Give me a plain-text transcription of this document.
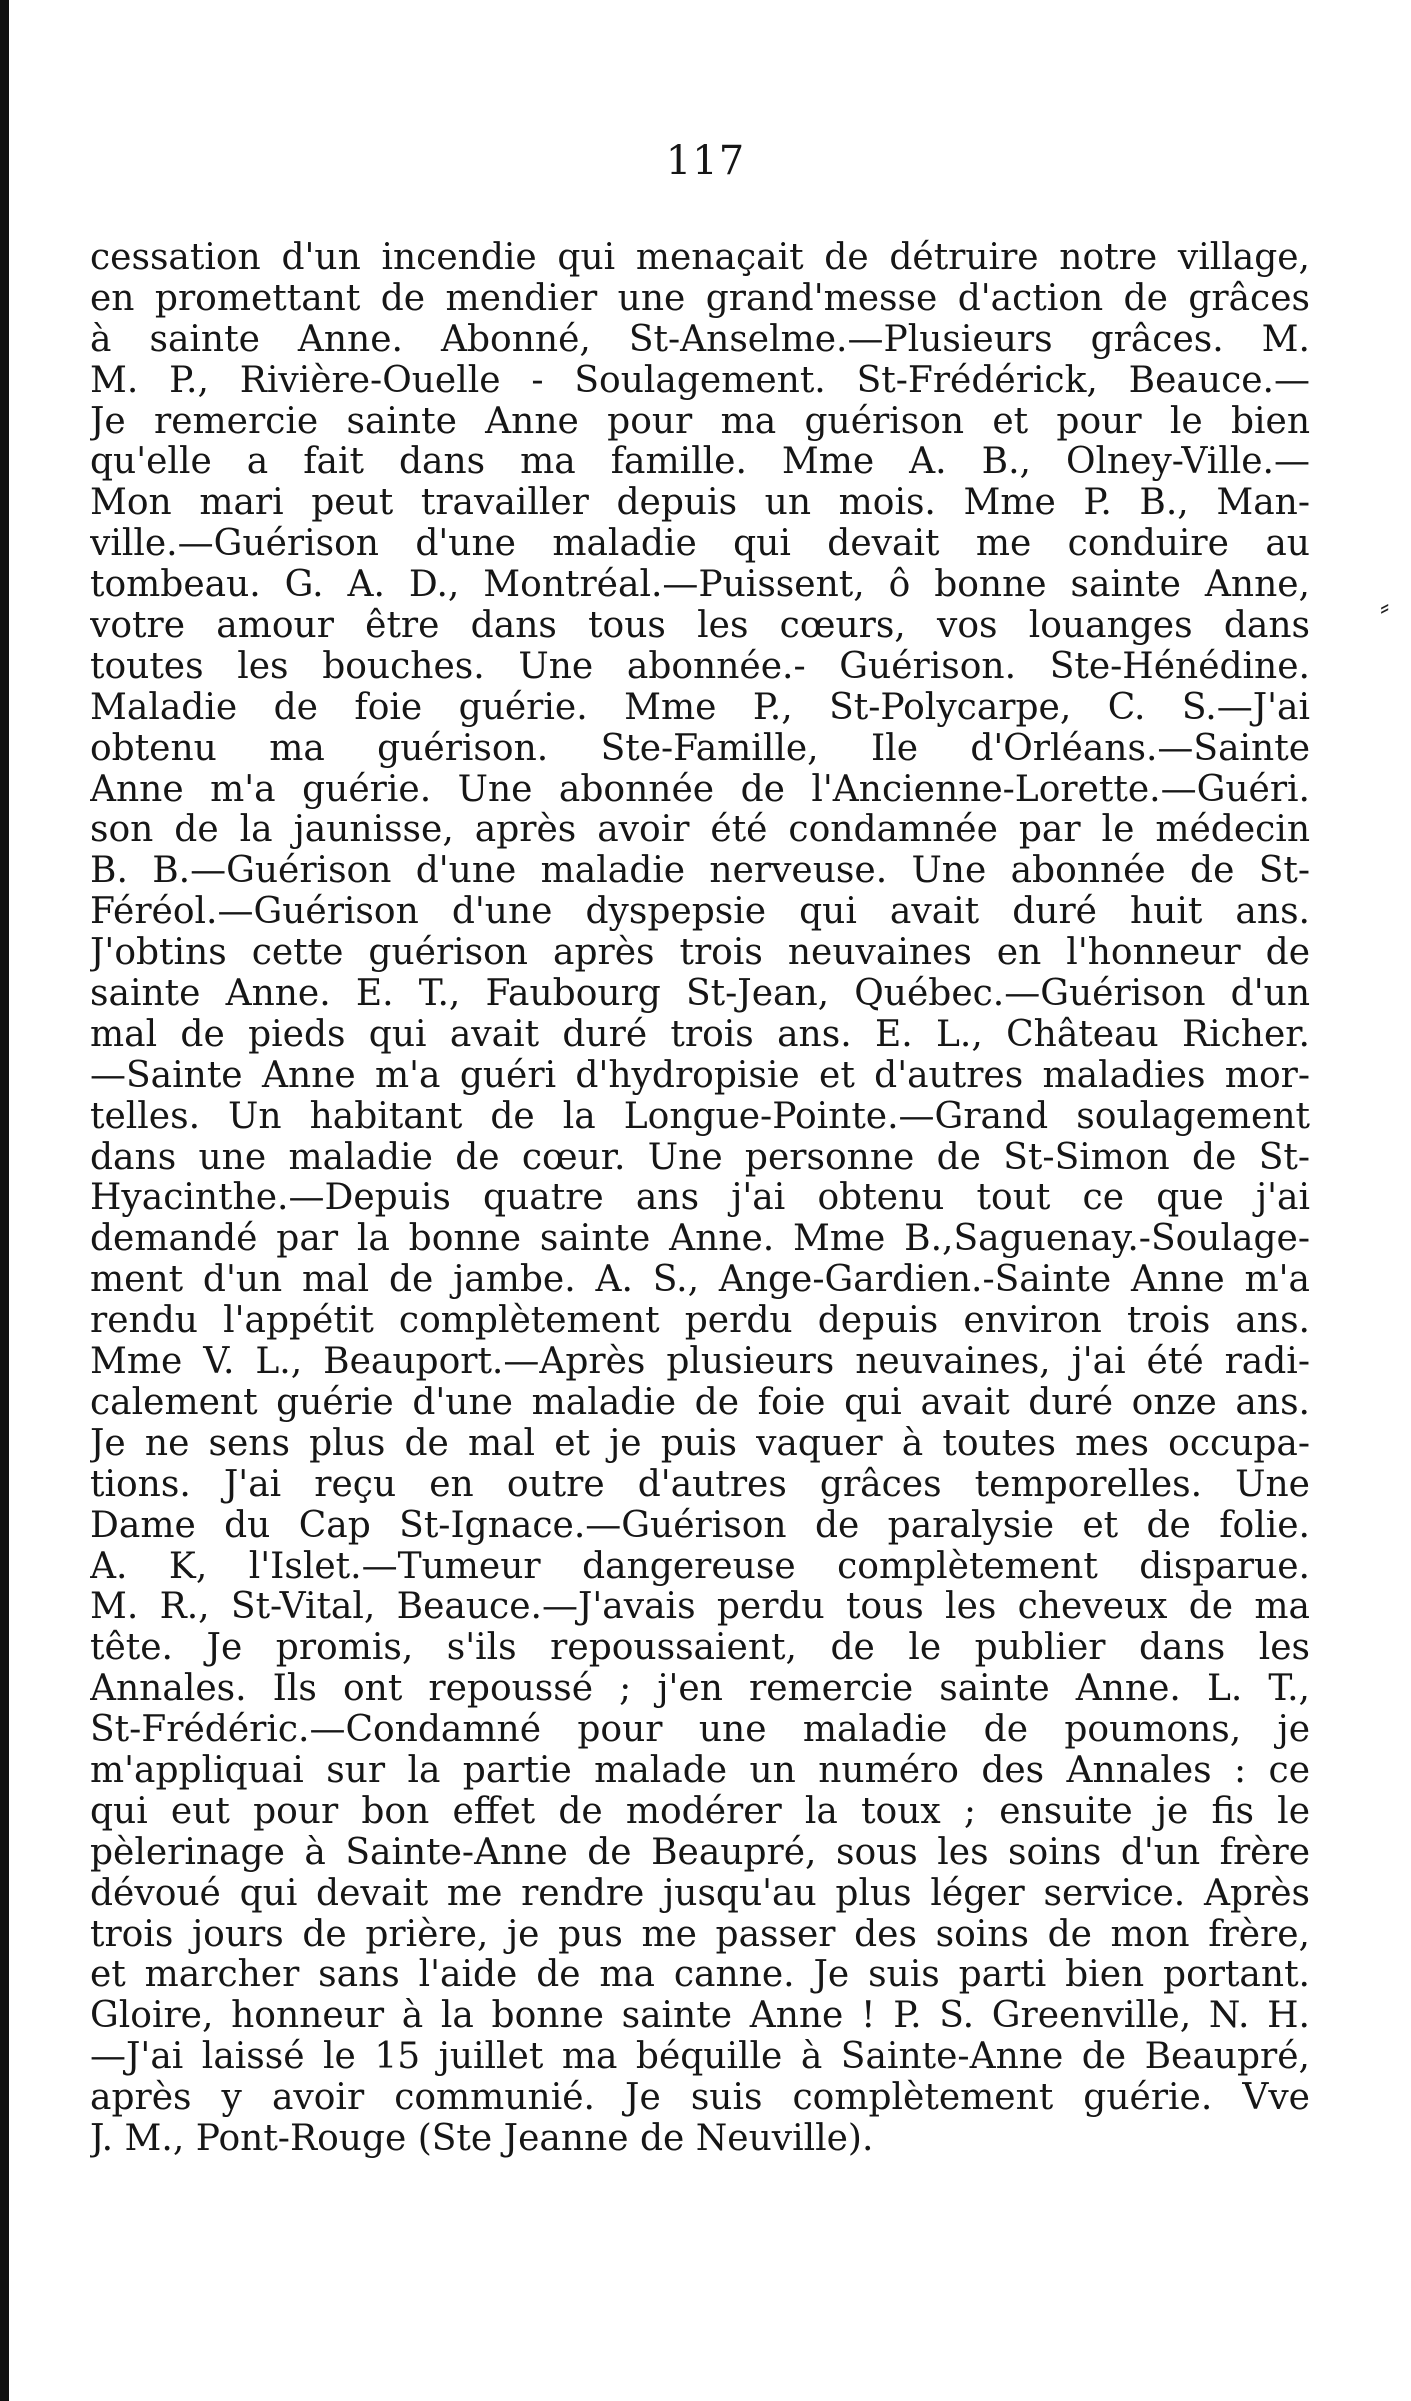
117
cessation d'un incendie qui menaçait de détruire notre village,
en promettant de mendier une grand'messe d'action de grâces
à sainte Anne. Abonné, St-Anselme.—Plusieurs grâces. M.
M. P., Rivière-Ouelle - Soulagement. St-Frédérick, Beauce.—
Je remercie sainte Anne pour ma guérison et pour le bien
qu'elle a fait dans ma famille. Mme A. B., Olney-Ville.—
Mon mari peut travailler depuis un mois. Mme P. B., Man-
ville.—Guérison d'une maladie qui devait me conduire au
tombeau. G. A. D., Montréal.—Puissent, ô bonne sainte Anne,
votre amour être dans tous les cœurs, vos louanges dans
toutes les bouches. Une abonnée.- Guérison. Ste-Hénédine.
Maladie de foie guérie. Mme P., St-Polycarpe, C. S.—J'ai
obtenu ma guérison. Ste-Famille, Ile d'Orléans.—Sainte
Anne m'a guérie. Une abonnée de l'Ancienne-Lorette.—Guéri.
son de la jaunisse, après avoir été condamnée par le médecin
B. B.—Guérison d'une maladie nerveuse. Une abonnée de St-
Féréol.—Guérison d'une dyspepsie qui avait duré huit ans.
J'obtins cette guérison après trois neuvaines en l'honneur de
sainte Anne. E. T., Faubourg St-Jean, Québec.—Guérison d'un
mal de pieds qui avait duré trois ans. E. L., Château Richer.
—Sainte Anne m'a guéri d'hydropisie et d'autres maladies mor-
telles. Un habitant de la Longue-Pointe.—Grand soulagement
dans une maladie de cœur. Une personne de St-Simon de St-
Hyacinthe.—Depuis quatre ans j'ai obtenu tout ce que j'ai
demandé par la bonne sainte Anne. Mme B.,Saguenay.-Soulage-
ment d'un mal de jambe. A. S., Ange-Gardien.-Sainte Anne m'a
rendu l'appétit complètement perdu depuis environ trois ans.
Mme V. L., Beauport.—Après plusieurs neuvaines, j'ai été radi-
calement guérie d'une maladie de foie qui avait duré onze ans.
Je ne sens plus de mal et je puis vaquer à toutes mes occupa-
tions. J'ai reçu en outre d'autres grâces temporelles. Une
Dame du Cap St-Ignace.—Guérison de paralysie et de folie.
A. K, l'Islet.—Tumeur dangereuse complètement disparue.
M. R., St-Vital, Beauce.—J'avais perdu tous les cheveux de ma
tête. Je promis, s'ils repoussaient, de le publier dans les
Annales. Ils ont repoussé ; j'en remercie sainte Anne. L. T.,
St-Frédéric.—Condamné pour une maladie de poumons, je
m'appliquai sur la partie malade un numéro des Annales : ce
qui eut pour bon effet de modérer la toux ; ensuite je fis le
pèlerinage à Sainte-Anne de Beaupré, sous les soins d'un frère
dévoué qui devait me rendre jusqu'au plus léger service. Après
trois jours de prière, je pus me passer des soins de mon frère,
et marcher sans l'aide de ma canne. Je suis parti bien portant.
Gloire, honneur à la bonne sainte Anne ! P. S. Greenville, N. H.
—J'ai laissé le 15 juillet ma béquille à Sainte-Anne de Beaupré,
après y avoir communié. Je suis complètement guérie. Vve
J. M., Pont-Rouge (Ste Jeanne de Neuville).
⸗
